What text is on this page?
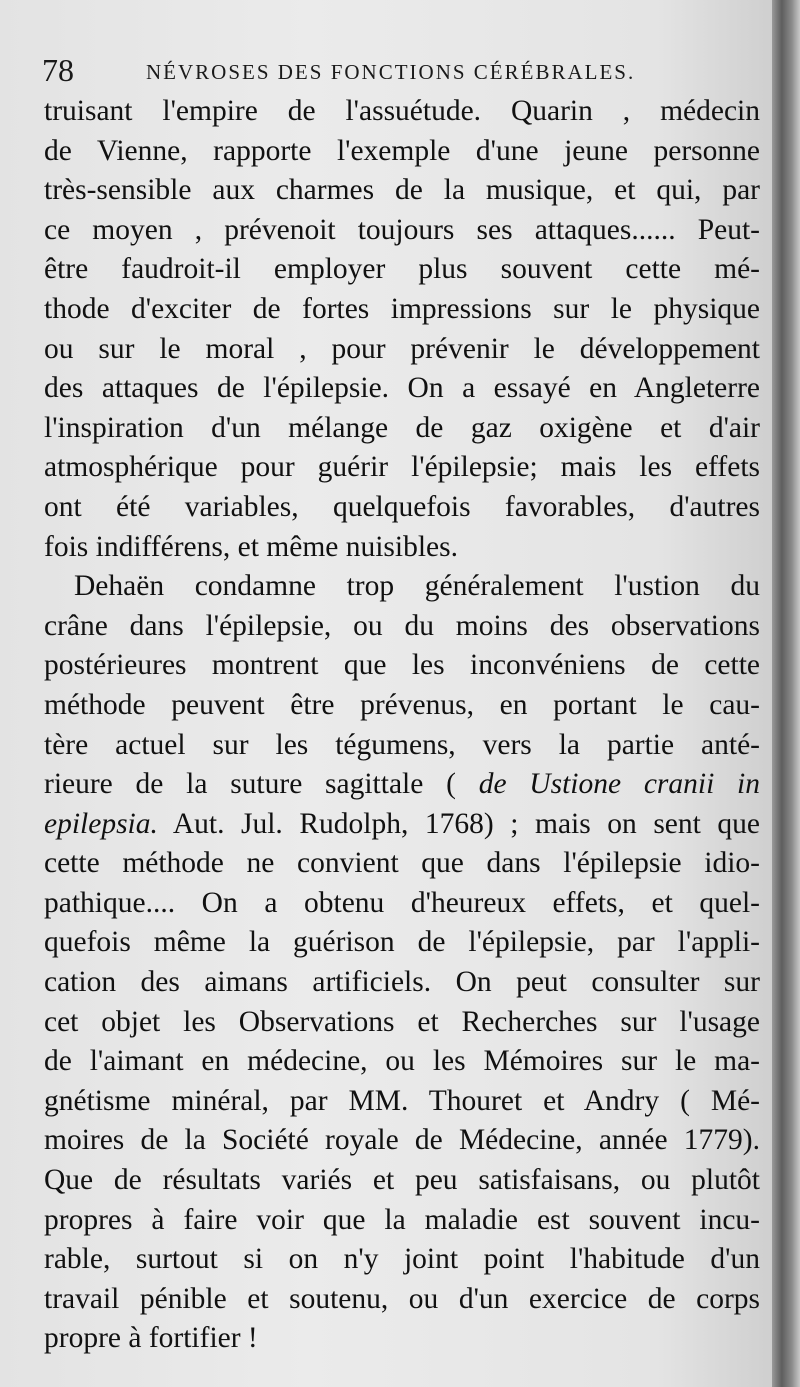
78	NÉVROSES DES FONCTIONS CÉRÉBRALES.
truisant l'empire de l'assuétude. Quarin , médecin
de Vienne, rapporte l'exemple d'une jeune personne
très-sensible aux charmes de la musique, et qui, par
ce moyen , prévenoit toujours ses attaques...... Peut-
être faudroit-il employer plus souvent cette mé-
thode d'exciter de fortes impressions sur le physique
ou sur le moral , pour prévenir le développement
des attaques de l'épilepsie. On a essayé en Angleterre
l'inspiration d'un mélange de gaz oxigène et d'air
atmosphérique pour guérir l'épilepsie; mais les effets
ont été variables, quelquefois favorables, d'autres
fois indifférens, et même nuisibles.
Dehaën condamne trop généralement l'ustion du
crâne dans l'épilepsie, ou du moins des observations
postérieures montrent que les inconvéniens de cette
méthode peuvent être prévenus, en portant le cau-
tère actuel sur les tégumens, vers la partie anté-
rieure de la suture sagittale ( de Ustione cranii in
epilepsia. Aut. Jul. Rudolph, 1768) ; mais on sent que
cette méthode ne convient que dans l'épilepsie idio-
pathique.... On a obtenu d'heureux effets, et quel-
quefois même la guérison de l'épilepsie, par l'appli-
cation des aimans artificiels. On peut consulter sur
cet objet les Observations et Recherches sur l'usage
de l'aimant en médecine, ou les Mémoires sur le ma-
gnétisme minéral, par MM. Thouret et Andry ( Mé-
moires de la Société royale de Médecine, année 1779).
Que de résultats variés et peu satisfaisans, ou plutôt
propres à faire voir que la maladie est souvent incu-
rable, surtout si on n'y joint point l'habitude d'un
travail pénible et soutenu, ou d'un exercice de corps
propre à fortifier !
